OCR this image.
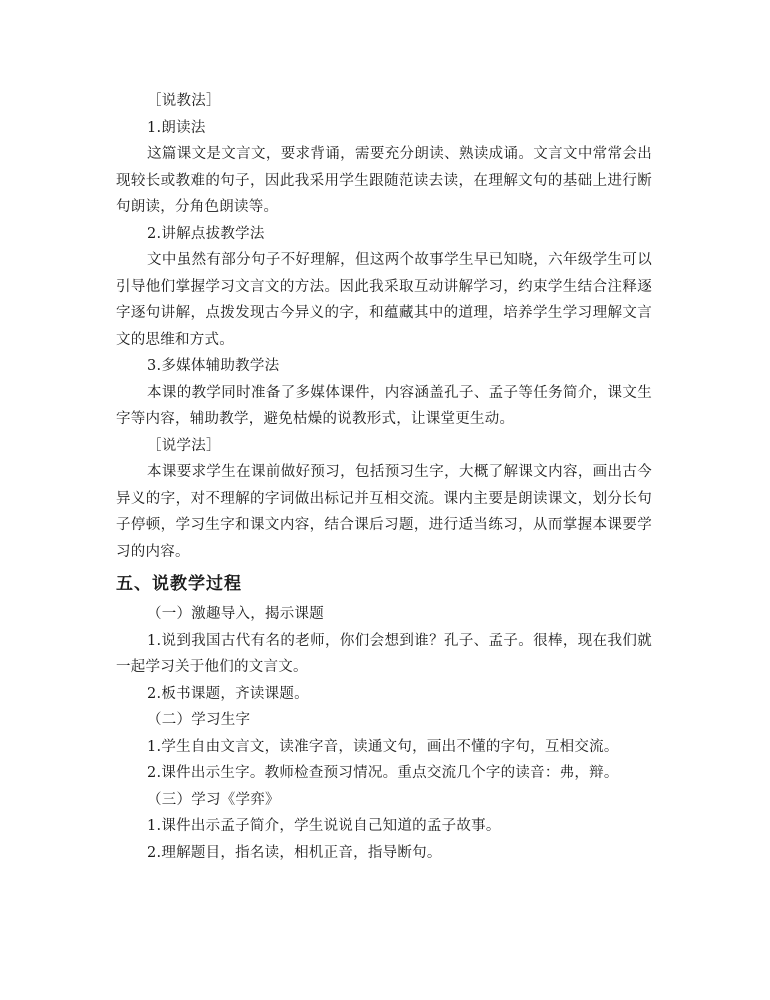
［说教法］

1.朗读法

这篇课文是文言文，要求背诵，需要充分朗读、熟读成诵。文言文中常常会出现较长或教难的句子，因此我采用学生跟随范读去读，在理解文句的基础上进行断句朗读，分角色朗读等。

2.讲解点拔教学法

文中虽然有部分句子不好理解，但这两个故事学生早已知晓，六年级学生可以引导他们掌握学习文言文的方法。因此我采取互动讲解学习，约束学生结合注释逐字逐句讲解，点拨发现古今异义的字，和蕴藏其中的道理，培养学生学习理解文言文的思维和方式。

3.多媒体辅助教学法

本课的教学同时准备了多媒体课件，内容涵盖孔子、孟子等任务简介，课文生字等内容，辅助教学，避免枯燥的说教形式，让课堂更生动。

［说学法］

本课要求学生在课前做好预习，包括预习生字，大概了解课文内容，画出古今异义的字，对不理解的字词做出标记并互相交流。课内主要是朗读课文，划分长句子停顿，学习生字和课文内容，结合课后习题，进行适当练习，从而掌握本课要学习的内容。

五、说教学过程

（一）激趣导入，揭示课题

1.说到我国古代有名的老师，你们会想到谁？孔子、孟子。很棒，现在我们就一起学习关于他们的文言文。

2.板书课题，齐读课题。

（二）学习生字

1.学生自由文言文，读准字音，读通文句，画出不懂的字句，互相交流。

2.课件出示生字。教师检查预习情况。重点交流几个字的读音：弗，辩。

（三）学习《学弈》

1.课件出示孟子简介，学生说说自己知道的孟子故事。

2.理解题目，指名读，相机正音，指导断句。
